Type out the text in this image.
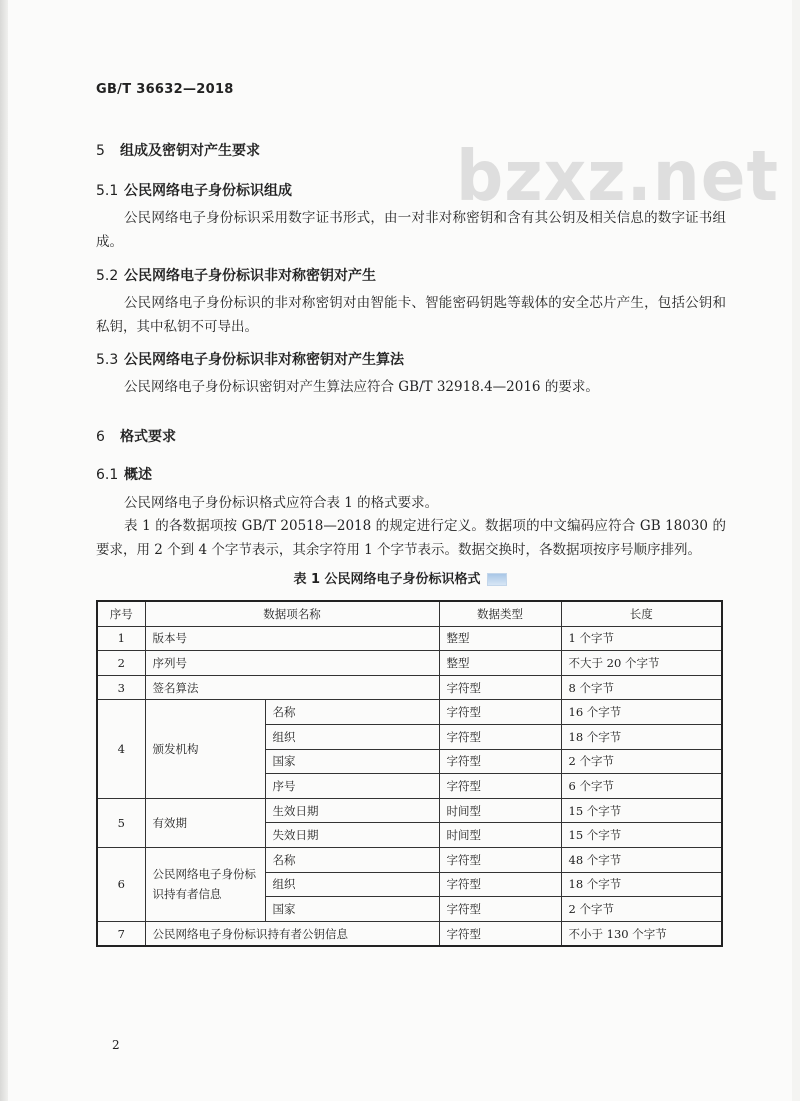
GB/T 36632—2018
bzxz.net
5 组成及密钥对产生要求
5.1 公民网络电子身份标识组成
公民网络电子身份标识采用数字证书形式，由一对非对称密钥和含有其公钥及相关信息的数字证书组成。
5.2 公民网络电子身份标识非对称密钥对产生
公民网络电子身份标识的非对称密钥对由智能卡、智能密码钥匙等载体的安全芯片产生，包括公钥和私钥，其中私钥不可导出。
5.3 公民网络电子身份标识非对称密钥对产生算法
公民网络电子身份标识密钥对产生算法应符合 GB/T 32918.4—2016 的要求。
6 格式要求
6.1 概述
公民网络电子身份标识格式应符合表 1 的格式要求。
表 1 的各数据项按 GB/T 20518—2018 的规定进行定义。数据项的中文编码应符合 GB 18030 的要求，用 2 个到 4 个字节表示，其余字符用 1 个字节表示。数据交换时，各数据项按序号顺序排列。
表 1 公民网络电子身份标识格式
序号	数据项名称		数据类型	长度
1	版本号		整型	1 个字节
2	序列号		整型	不大于 20 个字节
3	签名算法		字符型	8 个字节
4	颁发机构	名称	字符型	16 个字节
		组织	字符型	18 个字节
		国家	字符型	2 个字节
		序号	字符型	6 个字节
5	有效期	生效日期	时间型	15 个字节
		失效日期	时间型	15 个字节
6	公民网络电子身份标识持有者信息	名称	字符型	48 个字节
		组织	字符型	18 个字节
		国家	字符型	2 个字节
7	公民网络电子身份标识持有者公钥信息		字符型	不小于 130 个字节
2
